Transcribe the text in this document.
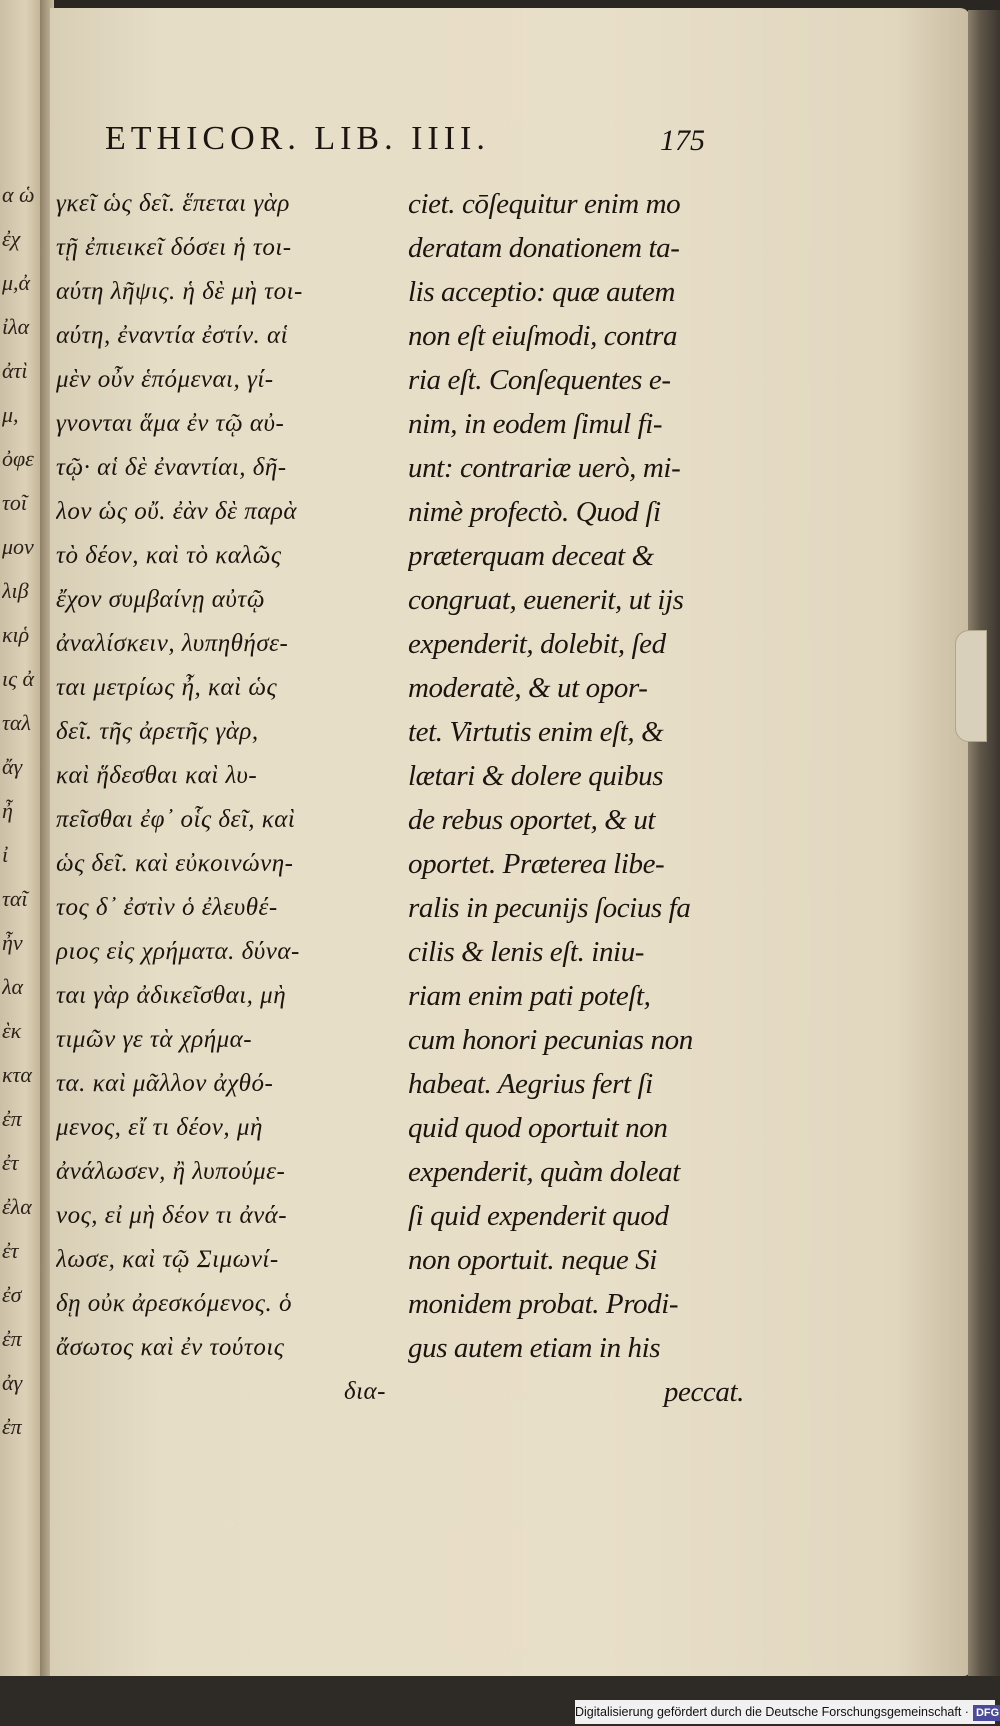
α ὡ
ἐχ
μ,ἀ
ἰλα
ἀτὶ
μ,
ὀφε
τοῖ
μον
λιβ
κιῥ
ις ἀ
ταλ
ἄγ
ἦ
ἰ
ταῖ
ἦν
λα
ὲκ
κτα
ἐπ
ἐτ
ἐλα
ἐτ
ἐσ
ἐπ
ἀγ
ἐπ
ETHICOR. LIB. IIII.	175
γκεῖ ὡς δεῖ. ἕπεται γὰρ
τῇ ἐπιεικεῖ δόσει ἡ τοι-
αύτη λῆψις. ἡ δὲ μὴ τοι-
αύτη, ἐναντία ἐστίν. αἱ
μὲν οὖν ἑπόμεναι, γί-
γνονται ἅμα ἐν τῷ αὐ-
τῷ· αἱ δὲ ἐναντίαι, δῆ-
λον ὡς οὔ. ἐὰν δὲ παρὰ
τὸ δέον, καὶ τὸ καλῶς
ἔχον συμβαίνῃ αὐτῷ
ἀναλίσκειν, λυπηθήσε-
ται μετρίως ἦ, καὶ ὡς
δεῖ. τῆς ἀρετῆς γὰρ,
καὶ ἥδεσθαι καὶ λυ-
πεῖσθαι ἐφ᾽ οἷς δεῖ, καὶ
ὡς δεῖ. καὶ εὐκοινώνη-
τος δ᾽ ἐστὶν ὁ ἐλευθέ-
ριος εἰς χρήματα. δύνα-
ται γὰρ ἀδικεῖσθαι, μὴ
τιμῶν γε τὰ χρήμα-
τα. καὶ μᾶλλον ἀχθό-
μενος, εἴ τι δέον, μὴ
ἀνάλωσεν, ἢ λυπούμε-
νος, εἰ μὴ δέον τι ἀνά-
λωσε, καὶ τῷ Σιμωνί-
δῃ οὐκ ἀρεσκόμενος. ὁ
ἄσωτος καὶ ἐν τούτοις
δια-
ciet. cōſequitur enim mo
deratam donationem ta-
lis acceptio: quæ autem
non eſt eiuſmodi, contra
ria eſt. Conſequentes e-
nim, in eodem ſimul fi-
unt: contrariæ uerò, mi-
nimè profectò. Quod ſi
præterquam deceat &
congruat, euenerit, ut ijs
expenderit, dolebit, ſed
moderatè, & ut opor-
tet. Virtutis enim eſt, &
lætari & dolere quibus
de rebus oportet, & ut
oportet. Præterea libe-
ralis in pecunijs ſocius fa
cilis & lenis eſt. iniu-
riam enim pati poteſt,
cum honori pecunias non
habeat. Aegrius fert ſi
quid quod oportuit non
expenderit, quàm doleat
ſi quid expenderit quod
non oportuit. neque Si
monidem probat. Prodi-
gus autem etiam in his
peccat.
Digitalisierung gefördert durch die Deutsche Forschungsgemeinschaft · DFG
